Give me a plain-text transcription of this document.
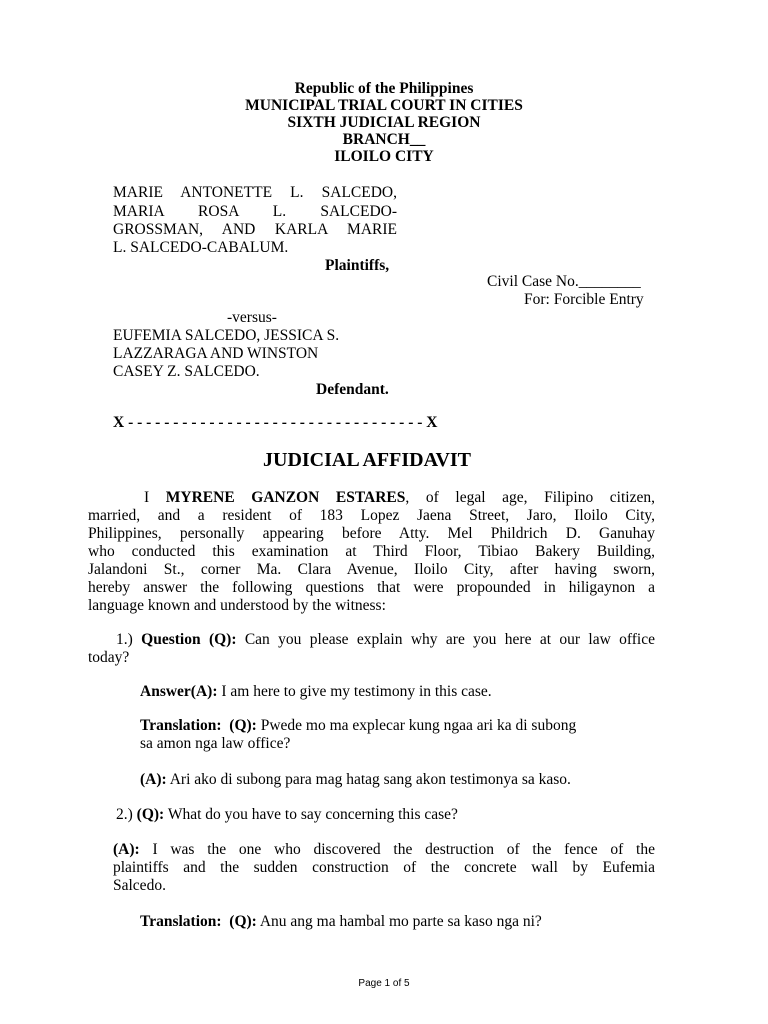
Republic of the Philippines
MUNICIPAL TRIAL COURT IN CITIES
SIXTH JUDICIAL REGION
BRANCH__
ILOILO CITY
MARIE ANTONETTE L. SALCEDO,
MARIA ROSA L. SALCEDO-
GROSSMAN, AND KARLA MARIE
L. SALCEDO-CABALUM.
Plaintiffs,
Civil Case No.________
For: Forcible Entry
-versus-
EUFEMIA SALCEDO, JESSICA S.
LAZZARAGA AND WINSTON
CASEY Z. SALCEDO.
Defendant.
X - - - - - - - - - - - - - - - - - - - - - - - - - - - - - - - - - X
JUDICIAL AFFIDAVIT
I MYRENE GANZON ESTARES, of legal age, Filipino citizen,
married, and a resident of 183 Lopez Jaena Street, Jaro, Iloilo City,
Philippines, personally appearing before Atty. Mel Phildrich D. Ganuhay
who conducted this examination at Third Floor, Tibiao Bakery Building,
Jalandoni St., corner Ma. Clara Avenue, Iloilo City, after having sworn,
hereby answer the following questions that were propounded in hiligaynon a
language known and understood by the witness:
1.) Question (Q): Can you please explain why are you here at our law office
today?
Answer(A): I am here to give my testimony in this case.
Translation: (Q): Pwede mo ma explecar kung ngaa ari ka di subong
sa amon nga law office?
(A): Ari ako di subong para mag hatag sang akon testimonya sa kaso.
2.) (Q): What do you have to say concerning this case?
(A): I was the one who discovered the destruction of the fence of the
plaintiffs and the sudden construction of the concrete wall by Eufemia
Salcedo.
Translation: (Q): Anu ang ma hambal mo parte sa kaso nga ni?
Page 1 of 5
